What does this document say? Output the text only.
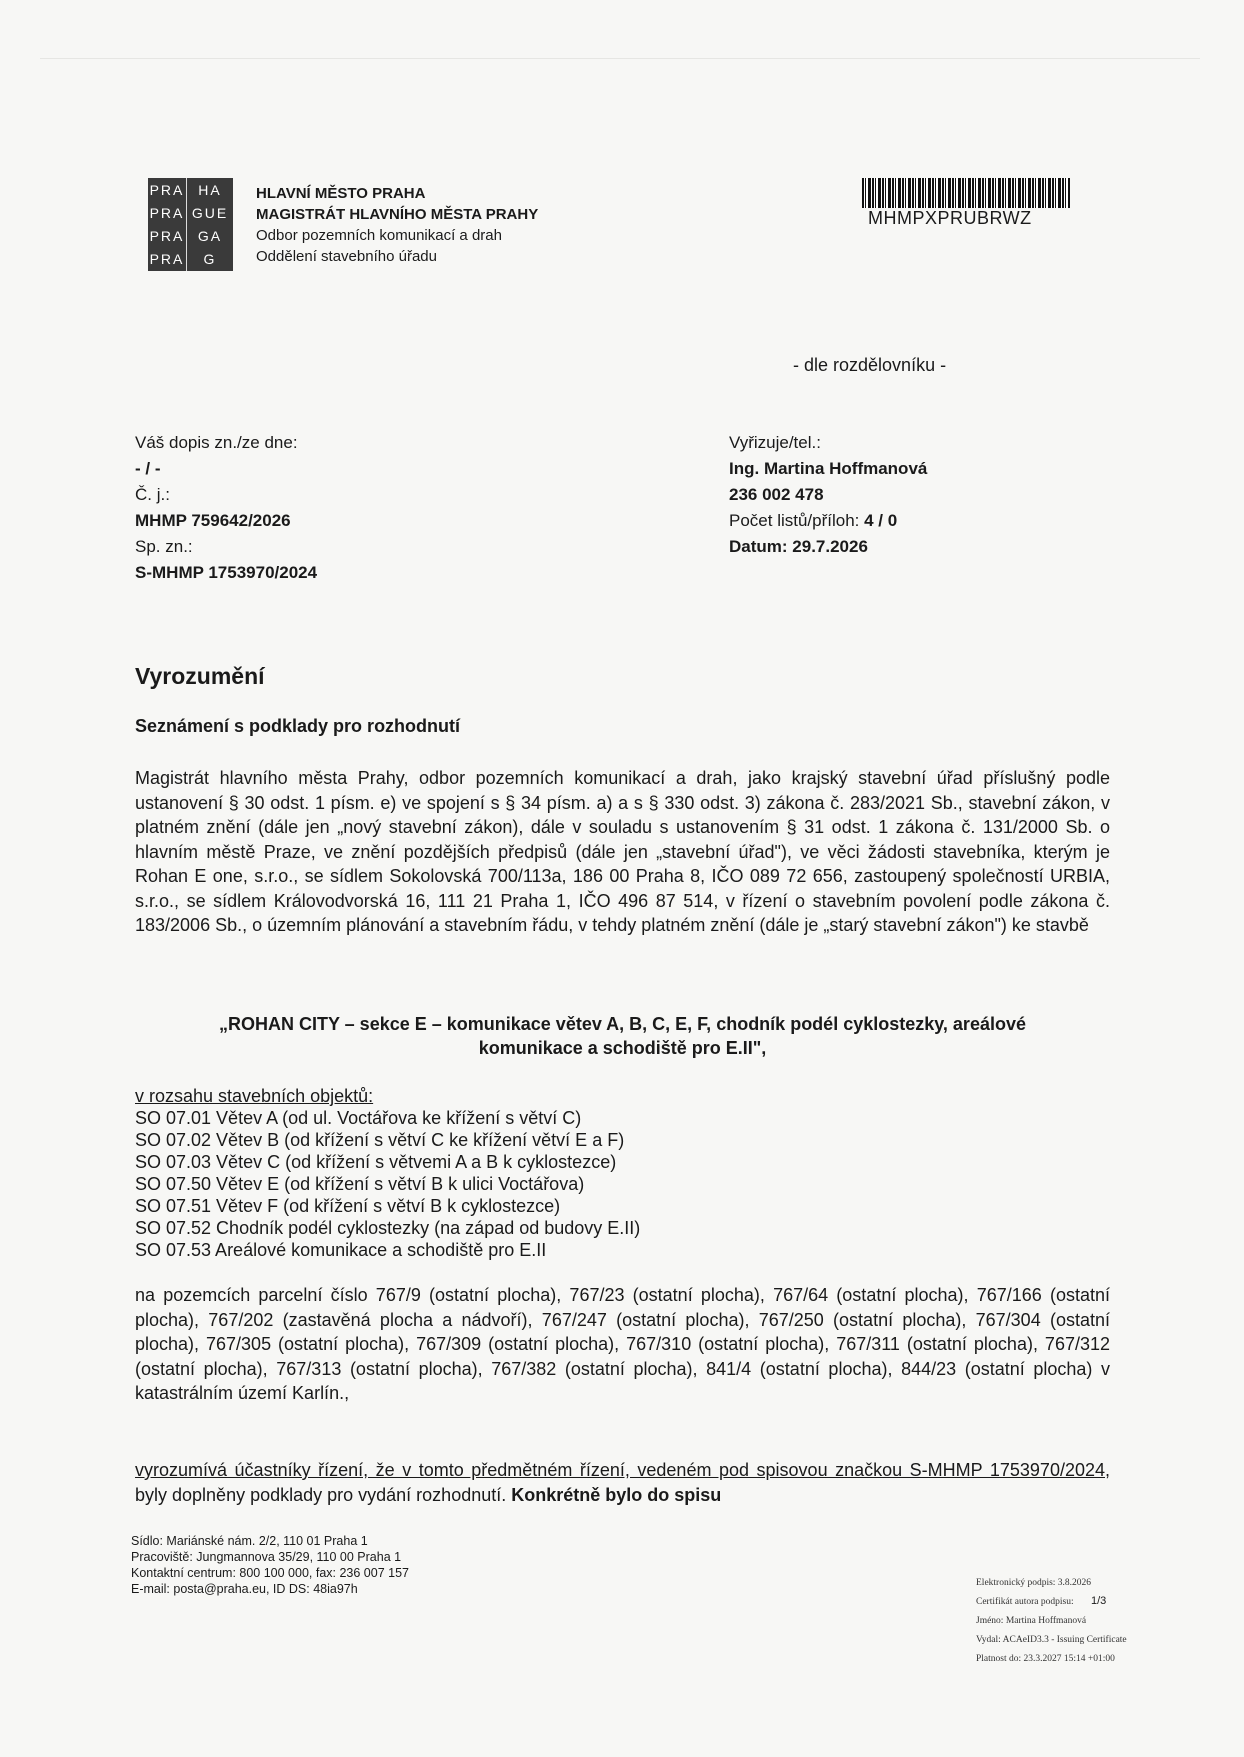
PRA HA
PRA GUE
PRA GA
PRA	G
HLAVNÍ MĚSTO PRAHA
MAGISTRÁT HLAVNÍHO MĚSTA PRAHY
Odbor pozemních komunikací a drah
Oddělení stavebního úřadu
MHMPXPRUBRWZ
- dle rozdělovníku -
Váš dopis zn./ze dne:
- / -
Č. j.:
MHMP 759642/2026
Sp. zn.:
S-MHMP 1753970/2024
Vyřizuje/tel.:
Ing. Martina Hoffmanová
236 002 478
Počet listů/příloh: 4 / 0
Datum: 29.7.2026
Vyrozumění
Seznámení s podklady pro rozhodnutí
Magistrát hlavního města Prahy, odbor pozemních komunikací a drah, jako krajský stavební úřad příslušný podle ustanovení § 30 odst. 1 písm. e) ve spojení s § 34 písm. a) a s § 330 odst. 3) zákona č. 283/2021 Sb., stavební zákon, v platném znění (dále jen „nový stavební zákon), dále v souladu s ustanovením § 31 odst. 1 zákona č. 131/2000 Sb. o hlavním městě Praze, ve znění pozdějších předpisů (dále jen „stavební úřad"), ve věci žádosti stavebníka, kterým je Rohan E one, s.r.o., se sídlem Sokolovská 700/113a, 186 00 Praha 8, IČO 089 72 656, zastoupený společností URBIA, s.r.o., se sídlem Královodvorská 16, 111 21 Praha 1, IČO 496 87 514, v řízení o stavebním povolení podle zákona č. 183/2006 Sb., o územním plánování a stavebním řádu, v tehdy platném znění (dále je „starý stavební zákon") ke stavbě
„ROHAN CITY – sekce E – komunikace větev A, B, C, E, F, chodník podél cyklostezky, areálové
komunikace a schodiště pro E.II",
v rozsahu stavebních objektů:
SO 07.01 Větev A (od ul. Voctářova ke křížení s větví C)
SO 07.02 Větev B (od křížení s větví C ke křížení větví E a F)
SO 07.03 Větev C (od křížení s větvemi A a B k cyklostezce)
SO 07.50 Větev E (od křížení s větví B k ulici Voctářova)
SO 07.51 Větev F (od křížení s větví B k cyklostezce)
SO 07.52 Chodník podél cyklostezky (na západ od budovy E.II)
SO 07.53 Areálové komunikace a schodiště pro E.II
na pozemcích parcelní číslo 767/9 (ostatní plocha), 767/23 (ostatní plocha), 767/64 (ostatní plocha), 767/166 (ostatní plocha), 767/202 (zastavěná plocha a nádvoří), 767/247 (ostatní plocha), 767/250 (ostatní plocha), 767/304 (ostatní plocha), 767/305 (ostatní plocha), 767/309 (ostatní plocha), 767/310 (ostatní plocha), 767/311 (ostatní plocha), 767/312 (ostatní plocha), 767/313 (ostatní plocha), 767/382 (ostatní plocha), 841/4 (ostatní plocha), 844/23 (ostatní plocha) v katastrálním území Karlín.,
vyrozumívá účastníky řízení, že v tomto předmětném řízení, vedeném pod spisovou značkou S-MHMP 1753970/2024, byly doplněny podklady pro vydání rozhodnutí. Konkrétně bylo do spisu
Sídlo: Mariánské nám. 2/2, 110 01 Praha 1
Pracoviště: Jungmannova 35/29, 110 00 Praha 1
Kontaktní centrum: 800 100 000, fax: 236 007 157
E-mail: posta@praha.eu, ID DS: 48ia97h	Elektronický podpis: 3.8.2026
Certifikát autora podpisu:
Jméno: Martina Hoffmanová
Vydal: ACAeID3.3 - Issuing Certificate
Platnost do: 23.3.2027 15:14 +01:00
1/3
